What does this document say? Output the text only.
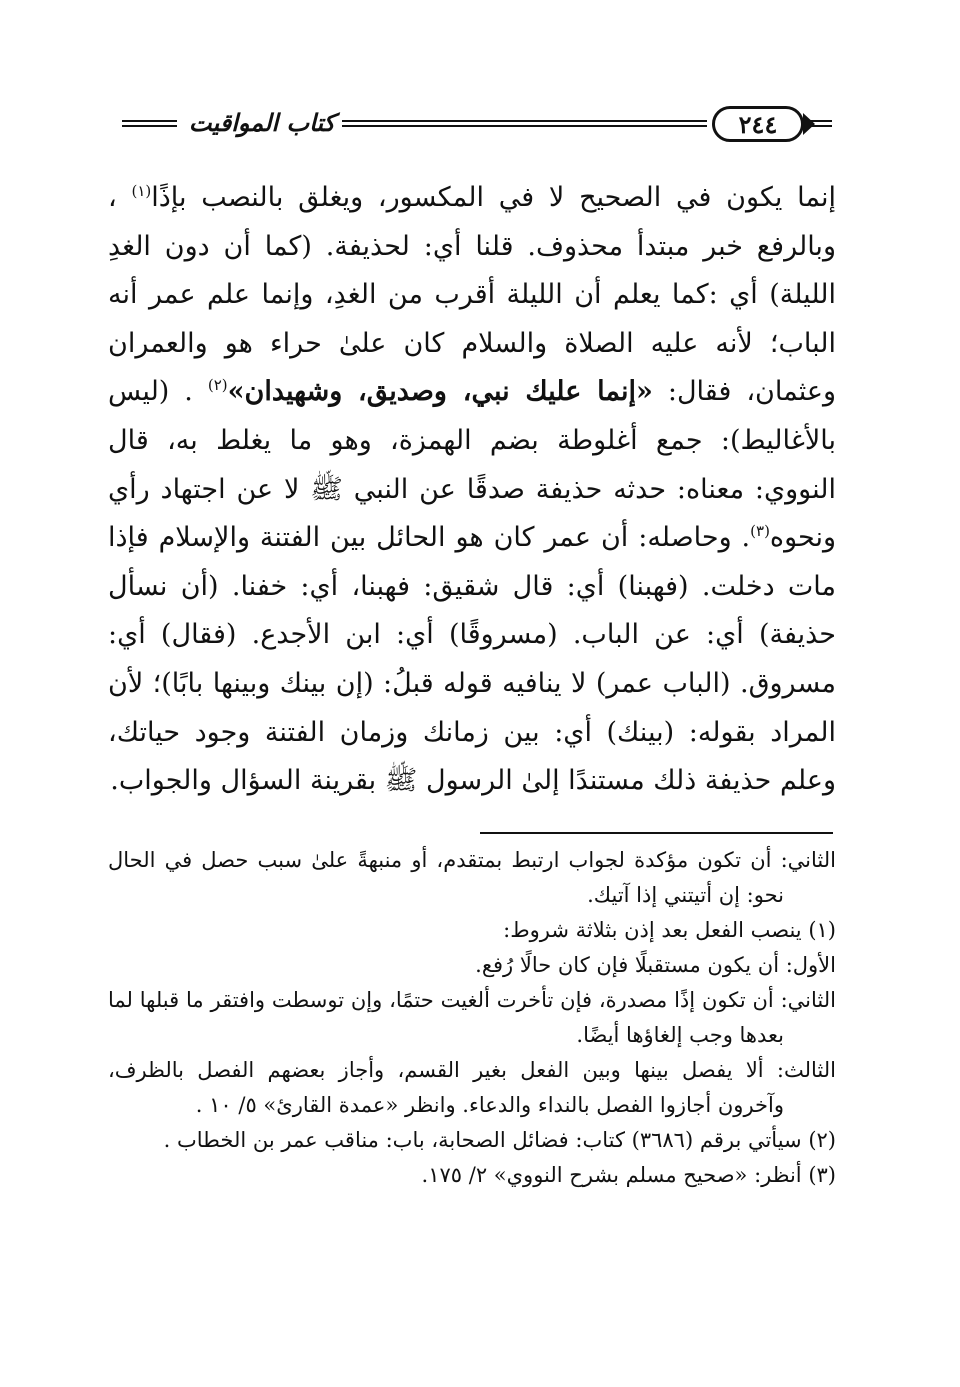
كتاب المواقيت	٢٤٤

إنما يكون في الصحيح لا في المكسور، ويغلق بالنصب بإذًا$^{(١)}$ ، وبالرفع خبر مبتدأ محذوف. قلنا أي: لحذيفة. (كما أن دون الغدِ الليلة) أي :كما يعلم أن الليلة أقرب من الغدِ، وإنما علم عمر أنه الباب؛ لأنه عليه الصلاة والسلام كان علىٰ حراء هو والعمران وعثمان، فقال: «إنما عليك نبي، وصديق، وشهيدان»$^{(٢)}$ . (ليس بالأغاليط): جمع أغلوطة بضم الهمزة، وهو ما يغلط به، قال النووي: معناه: حدثه حذيفة صدقًا عن النبي ﷺ لا عن اجتهاد رأي ونحوه$^{(٣)}$. وحاصله: أن عمر كان هو الحائل بين الفتنة والإسلام فإذا مات دخلت. (فهبنا) أي: قال شقيق: فهبنا، أي: خفنا. (أن نسأل حذيفة) أي: عن الباب. (مسروقًا) أي: ابن الأجدع. (فقال) أي: مسروق. (الباب عمر) لا ينافيه قوله قبلُ: (إن بينك وبينها بابًا)؛ لأن المراد بقوله: (بينك) أي: بين زمانك وزمان الفتنة وجود حياتك، وعلم حذيفة ذلك مستندًا إلىٰ الرسول ﷺ بقرينة السؤال والجواب.

الثاني: أن تكون مؤكدة لجواب ارتبط بمتقدم، أو منبهةً علىٰ سبب حصل في الحال نحو: إن أتيتني إذا آتيك.

(١) ينصب الفعل بعد إذن بثلاثة شروط:

الأول: أن يكون مستقبلًا فإن كان حالًا رُفع.

الثاني: أن تكون إذًا مصدرة، فإن تأخرت ألغيت حتمًا، وإن توسطت وافتقر ما قبلها لما بعدها وجب إلغاؤها أيضًا.

الثالث: ألا يفصل بينها وبين الفعل بغير القسم، وأجاز بعضهم الفصل بالظرف، وآخرون أجازوا الفصل بالنداء والدعاء. وانظر «عمدة القارئ» ٥/ ١٠ .

(٢) سيأتي برقم (٣٦٨٦) كتاب: فضائل الصحابة، باب: مناقب عمر بن الخطاب .

(٣) أنظر: «صحيح مسلم بشرح النووي» ٢/ ١٧٥.
